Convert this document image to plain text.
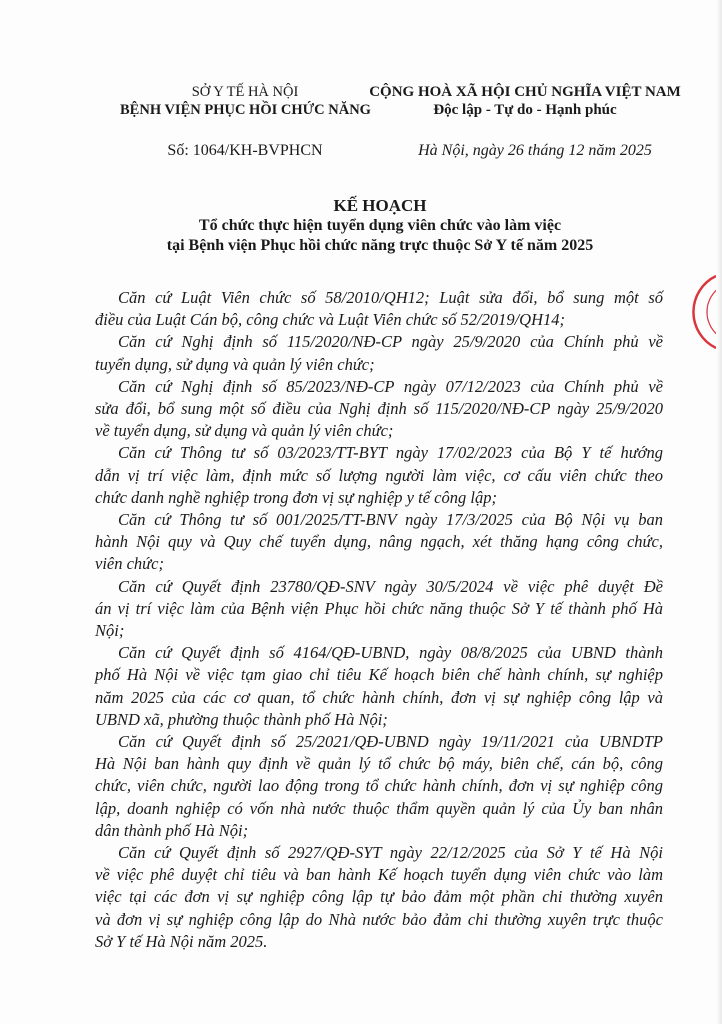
SỞ Y TẾ HÀ NỘI
BỆNH VIỆN PHỤC HỒI CHỨC NĂNG
CỘNG HOÀ XÃ HỘI CHỦ NGHĨA VIỆT NAM
Độc lập - Tự do - Hạnh phúc
Số: 1064/KH-BVPHCN	Hà Nội, ngày 26 tháng 12 năm 2025
KẾ HOẠCH
Tổ chức thực hiện tuyển dụng viên chức vào làm việc
tại Bệnh viện Phục hồi chức năng trực thuộc Sở Y tế năm 2025
Căn cứ Luật Viên chức số 58/2010/QH12; Luật sửa đổi, bổ sung một số
điều của Luật Cán bộ, công chức và Luật Viên chức số 52/2019/QH14;
Căn cứ Nghị định số 115/2020/NĐ-CP ngày 25/9/2020 của Chính phủ về
tuyển dụng, sử dụng và quản lý viên chức;
Căn cứ Nghị định số 85/2023/NĐ-CP ngày 07/12/2023 của Chính phủ về
sửa đổi, bổ sung một số điều của Nghị định số 115/2020/NĐ-CP ngày 25/9/2020
về tuyển dụng, sử dụng và quản lý viên chức;
Căn cứ Thông tư số 03/2023/TT-BYT ngày 17/02/2023 của Bộ Y tế hướng
dẫn vị trí việc làm, định mức số lượng người làm việc, cơ cấu viên chức theo
chức danh nghề nghiệp trong đơn vị sự nghiệp y tế công lập;
Căn cứ Thông tư số 001/2025/TT-BNV ngày 17/3/2025 của Bộ Nội vụ ban
hành Nội quy và Quy chế tuyển dụng, nâng ngạch, xét thăng hạng công chức,
viên chức;
Căn cứ Quyết định 23780/QĐ-SNV ngày 30/5/2024 về việc phê duyệt Đề
án vị trí việc làm của Bệnh viện Phục hồi chức năng thuộc Sở Y tế thành phố Hà
Nội;
Căn cứ Quyết định số 4164/QĐ-UBND, ngày 08/8/2025 của UBND thành
phố Hà Nội về việc tạm giao chỉ tiêu Kế hoạch biên chế hành chính, sự nghiệp
năm 2025 của các cơ quan, tổ chức hành chính, đơn vị sự nghiệp công lập và
UBND xã, phường thuộc thành phố Hà Nội;
Căn cứ Quyết định số 25/2021/QĐ-UBND ngày 19/11/2021 của UBNDTP
Hà Nội ban hành quy định về quản lý tổ chức bộ máy, biên chế, cán bộ, công
chức, viên chức, người lao động trong tổ chức hành chính, đơn vị sự nghiệp công
lập, doanh nghiệp có vốn nhà nước thuộc thẩm quyền quản lý của Ủy ban nhân
dân thành phố Hà Nội;
Căn cứ Quyết định số 2927/QĐ-SYT ngày 22/12/2025 của Sở Y tế Hà Nội
về việc phê duyệt chỉ tiêu và ban hành Kế hoạch tuyển dụng viên chức vào làm
việc tại các đơn vị sự nghiệp công lập tự bảo đảm một phần chi thường xuyên
và đơn vị sự nghiệp công lập do Nhà nước bảo đảm chi thường xuyên trực thuộc
Sở Y tế Hà Nội năm 2025.
⁝
